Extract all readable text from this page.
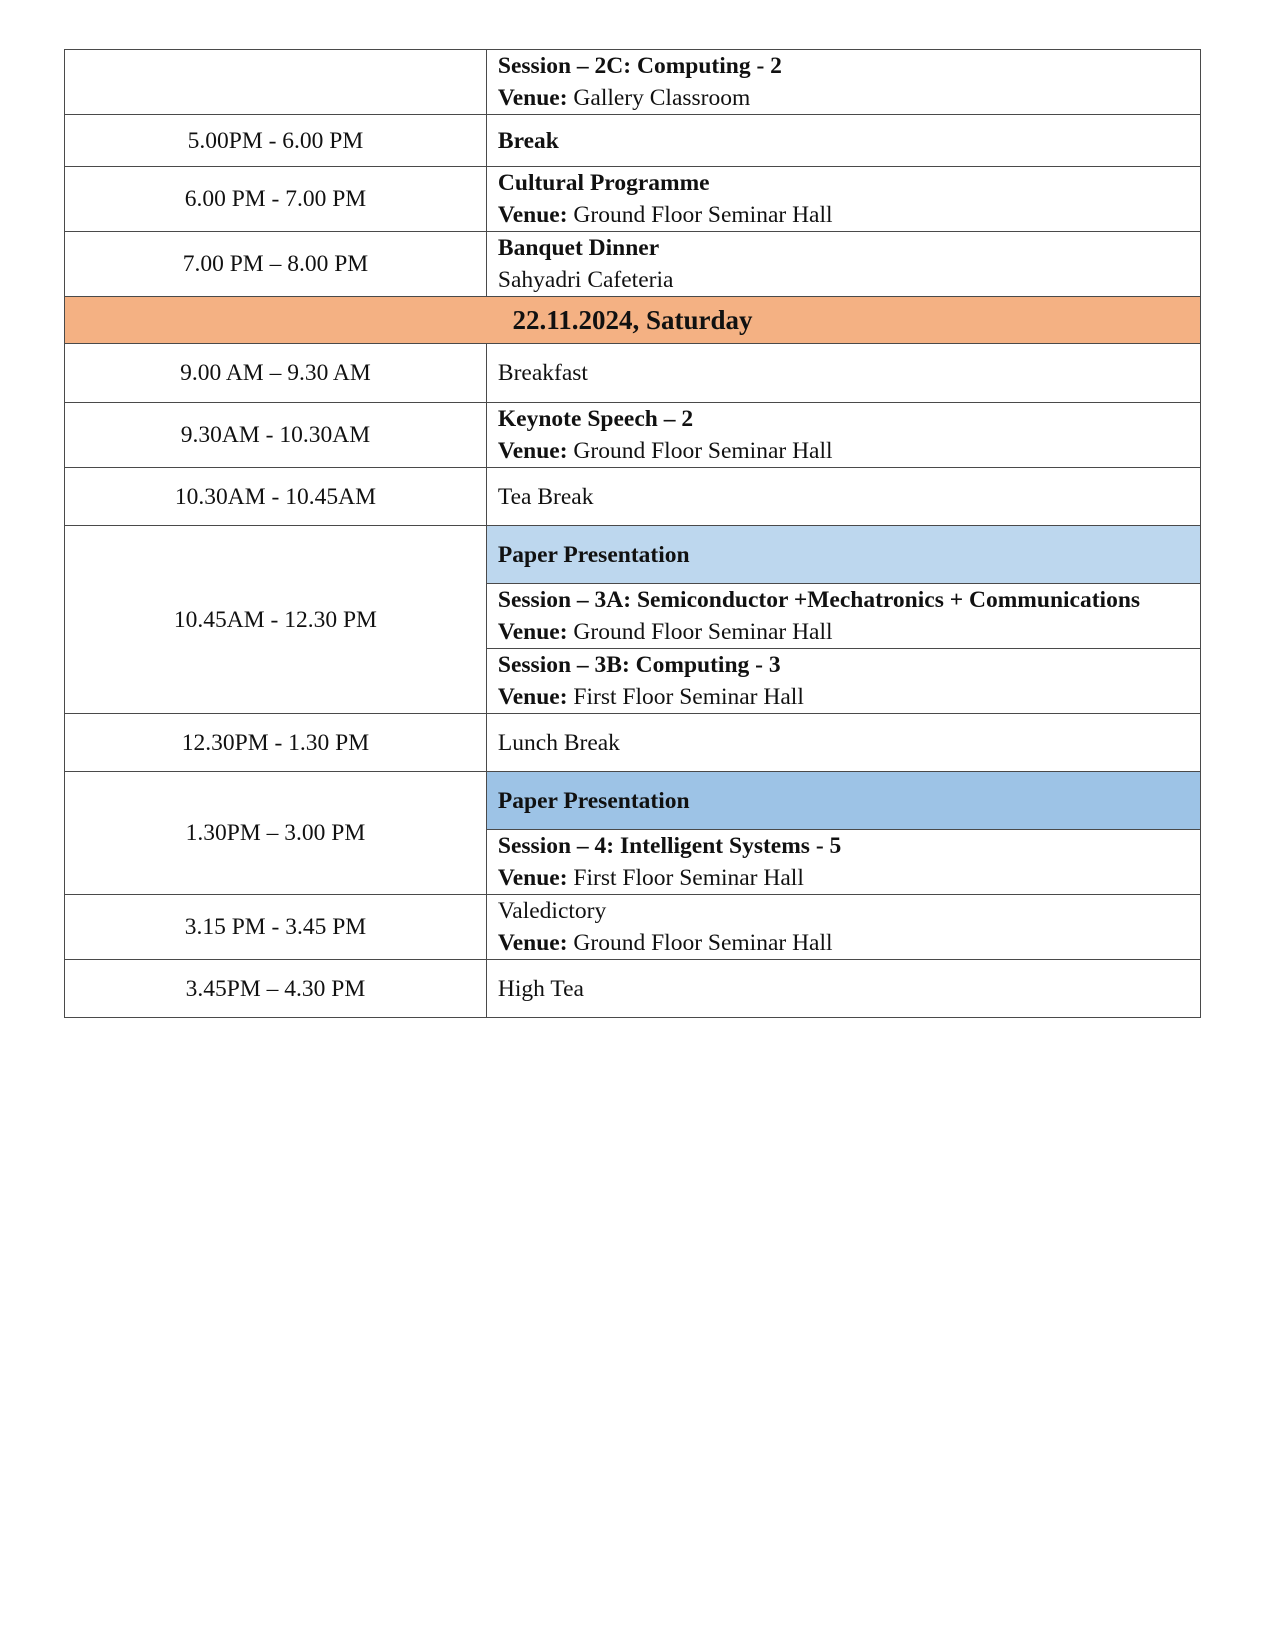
	Session – 2C: Computing - 2
Venue: Gallery Classroom

5.00PM - 6.00 PM	Break
6.00 PM - 7.00 PM	Cultural Programme
Venue: Ground Floor Seminar Hall

7.00 PM – 8.00 PM	Banquet Dinner
Sahyadri Cafeteria

22.11.2024, Saturday	
9.00 AM – 9.30 AM	Breakfast
9.30AM - 10.30AM	Keynote Speech – 2
Venue: Ground Floor Seminar Hall

10.30AM - 10.45AM	Tea Break
10.45AM - 12.30 PM	Paper Presentation

	Session – 3A: Semiconductor +Mechatronics + Communications
Venue: Ground Floor Seminar Hall

	Session – 3B: Computing - 3
Venue: First Floor Seminar Hall

12.30PM - 1.30 PM	Lunch Break
1.30PM – 3.00 PM	Paper Presentation

	Session – 4: Intelligent Systems - 5
Venue: First Floor Seminar Hall

3.15 PM - 3.45 PM	Valedictory
Venue: Ground Floor Seminar Hall

3.45PM – 4.30 PM	High Tea
